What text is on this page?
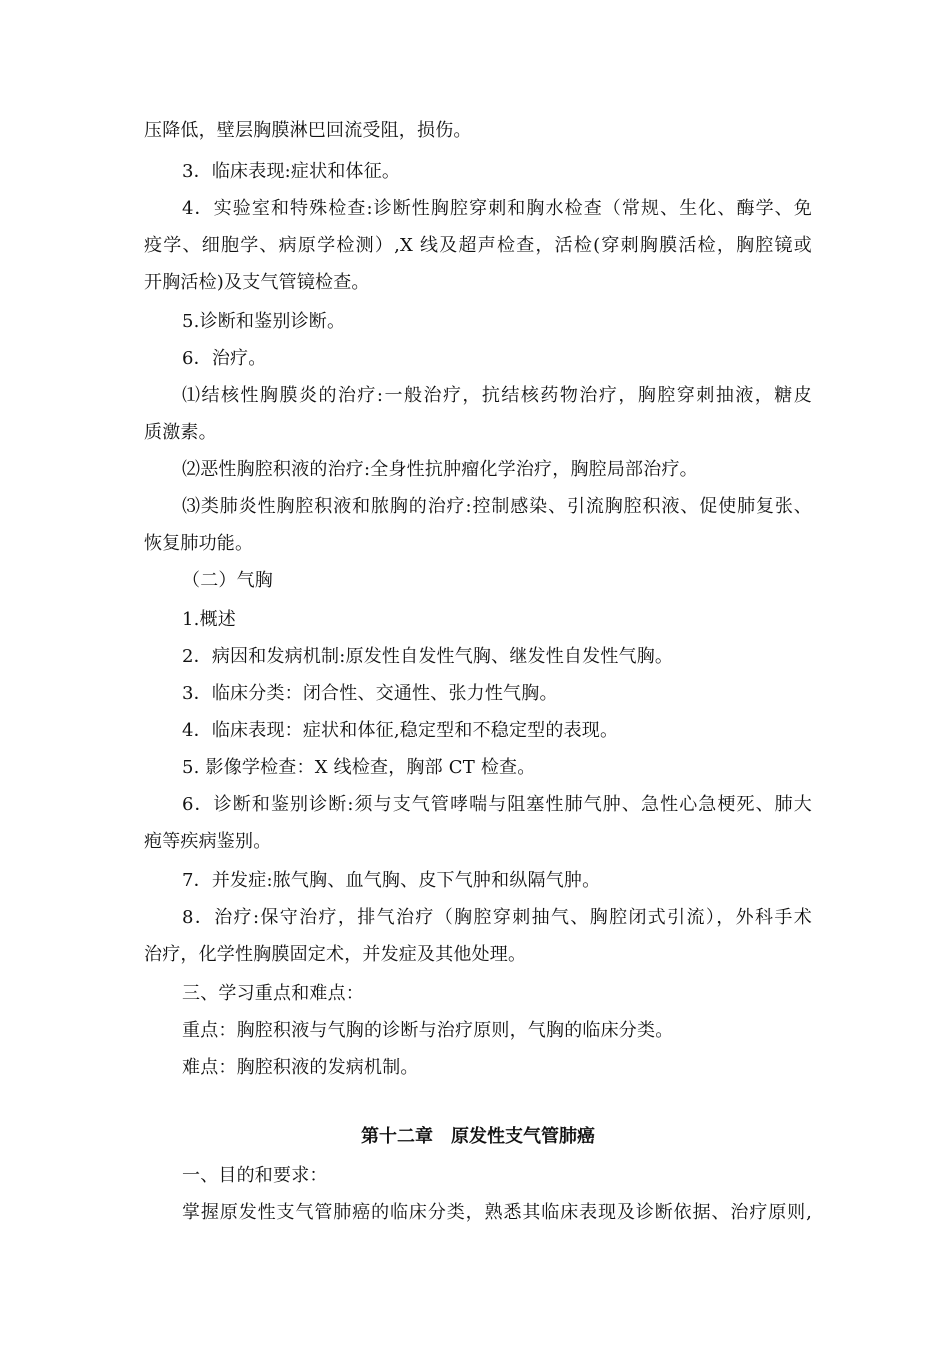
压降低，壁层胸膜淋巴回流受阻，损伤。
3．临床表现:症状和体征。
4．实验室和特殊检查:诊断性胸腔穿刺和胸水检查（常规、生化、酶学、免
疫学、细胞学、病原学检测）,X 线及超声检查，活检(穿刺胸膜活检，胸腔镜或
开胸活检)及支气管镜检查。
5.诊断和鉴别诊断。
6．治疗。
⑴结核性胸膜炎的治疗:一般治疗，抗结核药物治疗，胸腔穿刺抽液，糖皮
质激素。
⑵恶性胸腔积液的治疗:全身性抗肿瘤化学治疗，胸腔局部治疗。
⑶类肺炎性胸腔积液和脓胸的治疗:控制感染、引流胸腔积液、促使肺复张、
恢复肺功能。
（二）气胸
1.概述
2．病因和发病机制:原发性自发性气胸、继发性自发性气胸。
3．临床分类：闭合性、交通性、张力性气胸。
4．临床表现：症状和体征,稳定型和不稳定型的表现。
5. 影像学检查：X 线检查，胸部 CT 检查。
6．诊断和鉴别诊断:须与支气管哮喘与阻塞性肺气肿、急性心急梗死、肺大
疱等疾病鉴别。
7．并发症:脓气胸、血气胸、皮下气肿和纵隔气肿。
8．治疗:保守治疗，排气治疗（胸腔穿刺抽气、胸腔闭式引流），外科手术
治疗，化学性胸膜固定术，并发症及其他处理。
三、学习重点和难点：
重点：胸腔积液与气胸的诊断与治疗原则，气胸的临床分类。
难点：胸腔积液的发病机制。
第十二章　原发性支气管肺癌
一、目的和要求：
掌握原发性支气管肺癌的临床分类，熟悉其临床表现及诊断依据、治疗原则,
